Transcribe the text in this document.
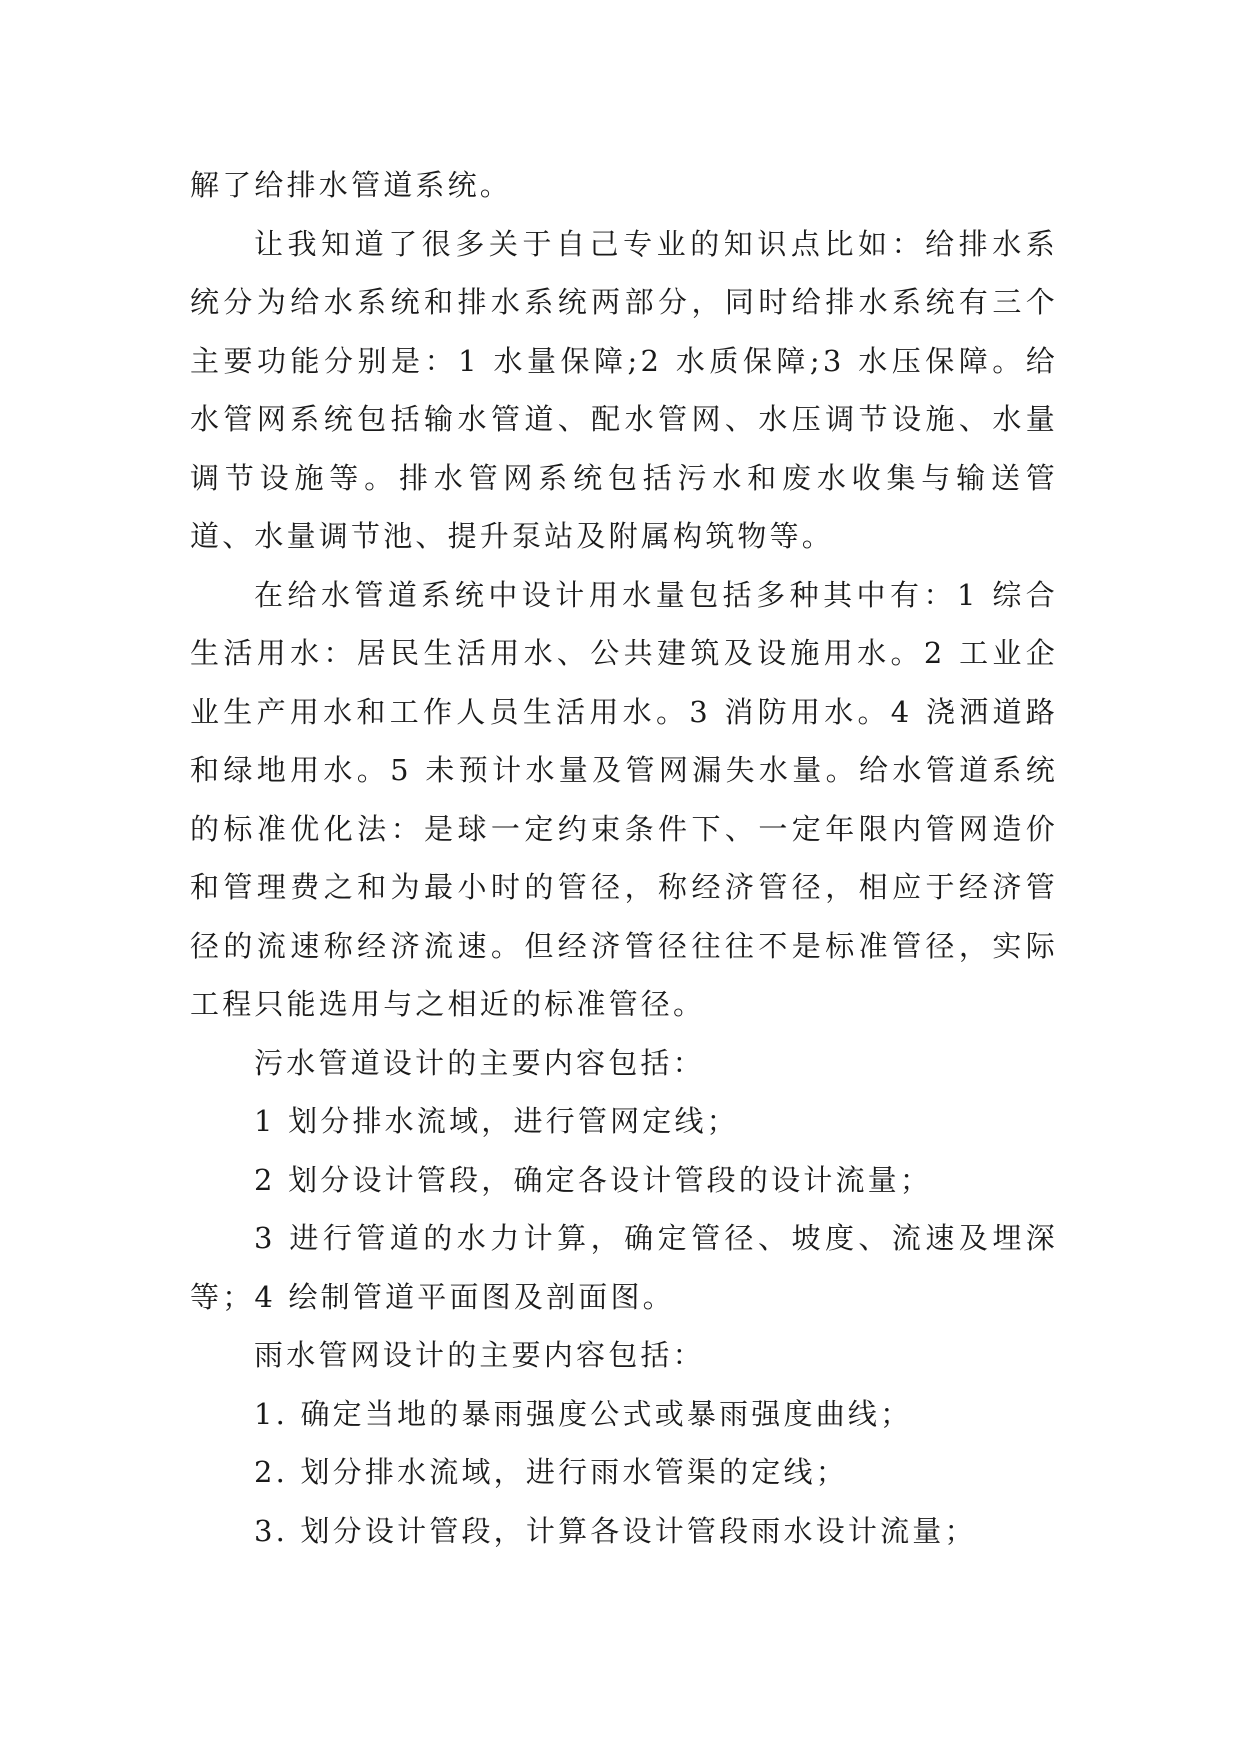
解了给排水管道系统。

让我知道了很多关于自己专业的知识点比如：给排水系统分为给水系统和排水系统两部分，同时给排水系统有三个主要功能分别是：1 水量保障;2 水质保障;3 水压保障。给水管网系统包括输水管道、配水管网、水压调节设施、水量调节设施等。排水管网系统包括污水和废水收集与输送管道、水量调节池、提升泵站及附属构筑物等。

在给水管道系统中设计用水量包括多种其中有：1 综合生活用水：居民生活用水、公共建筑及设施用水。2 工业企业生产用水和工作人员生活用水。3 消防用水。4 浇洒道路和绿地用水。5 未预计水量及管网漏失水量。给水管道系统的标准优化法：是球一定约束条件下、一定年限内管网造价和管理费之和为最小时的管径，称经济管径，相应于经济管径的流速称经济流速。但经济管径往往不是标准管径，实际工程只能选用与之相近的标准管径。

污水管道设计的主要内容包括：

1 划分排水流域，进行管网定线；

2 划分设计管段，确定各设计管段的设计流量；

3 进行管道的水力计算，确定管径、坡度、流速及埋深等；4 绘制管道平面图及剖面图。

雨水管网设计的主要内容包括：

1. 确定当地的暴雨强度公式或暴雨强度曲线；

2. 划分排水流域，进行雨水管渠的定线；

3. 划分设计管段，计算各设计管段雨水设计流量；
